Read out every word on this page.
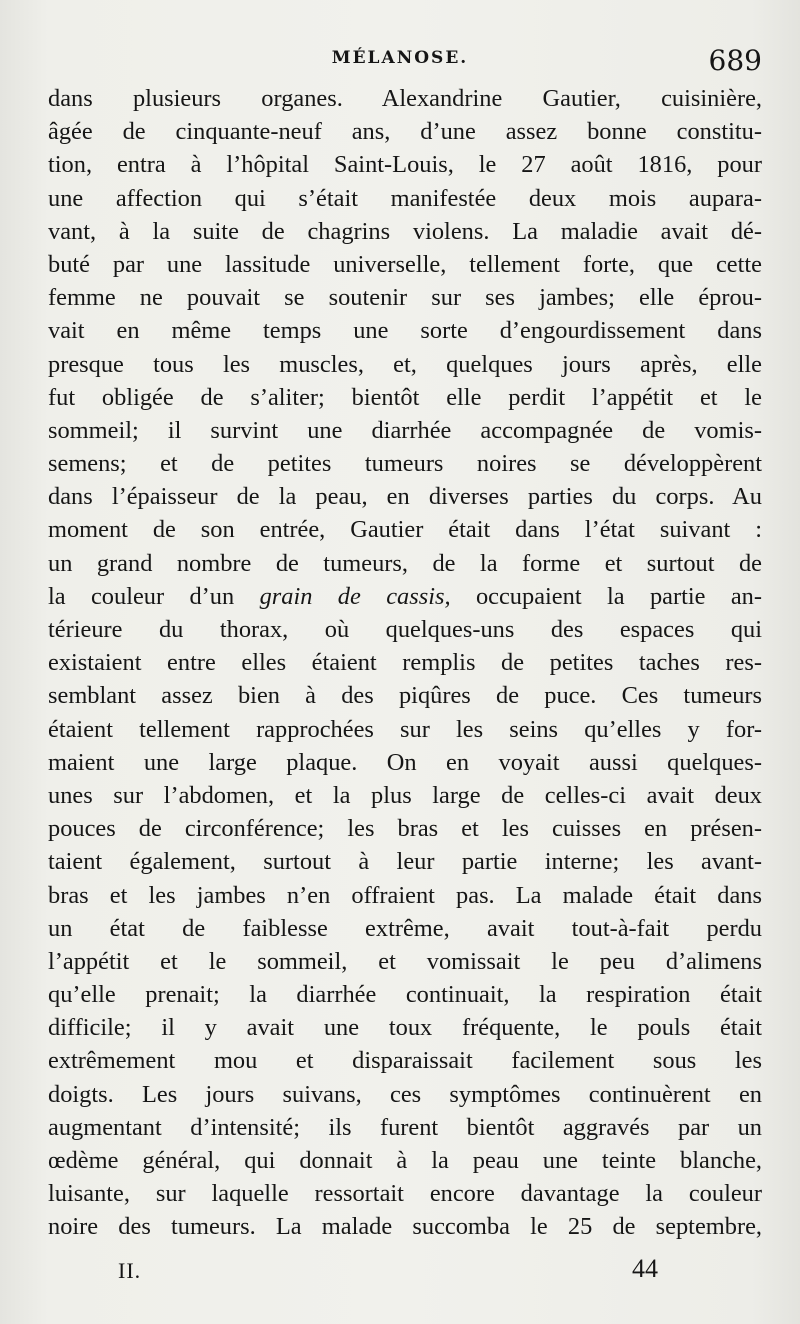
MÉLANOSE.	689
dans plusieurs organes. Alexandrine Gautier, cuisinière,
âgée de cinquante-neuf ans, d’une assez bonne constitu-
tion, entra à l’hôpital Saint-Louis, le 27 août 1816, pour
une affection qui s’était manifestée deux mois aupara-
vant, à la suite de chagrins violens. La maladie avait dé-
buté par une lassitude universelle, tellement forte, que cette
femme ne pouvait se soutenir sur ses jambes; elle éprou-
vait en même temps une sorte d’engourdissement dans
presque tous les muscles, et, quelques jours après, elle
fut obligée de s’aliter; bientôt elle perdit l’appétit et le
sommeil; il survint une diarrhée accompagnée de vomis-
semens; et de petites tumeurs noires se développèrent
dans l’épaisseur de la peau, en diverses parties du corps. Au
moment de son entrée, Gautier était dans l’état suivant :
un grand nombre de tumeurs, de la forme et surtout de
la couleur d’un grain de cassis, occupaient la partie an-
térieure du thorax, où quelques-uns des espaces qui
existaient entre elles étaient remplis de petites taches res-
semblant assez bien à des piqûres de puce. Ces tumeurs
étaient tellement rapprochées sur les seins qu’elles y for-
maient une large plaque. On en voyait aussi quelques-
unes sur l’abdomen, et la plus large de celles-ci avait deux
pouces de circonférence; les bras et les cuisses en présen-
taient également, surtout à leur partie interne; les avant-
bras et les jambes n’en offraient pas. La malade était dans
un état de faiblesse extrême, avait tout-à-fait perdu
l’appétit et le sommeil, et vomissait le peu d’alimens
qu’elle prenait; la diarrhée continuait, la respiration était
difficile; il y avait une toux fréquente, le pouls était
extrêmement mou et disparaissait facilement sous les
doigts. Les jours suivans, ces symptômes continuèrent en
augmentant d’intensité; ils furent bientôt aggravés par un
œdème général, qui donnait à la peau une teinte blanche,
luisante, sur laquelle ressortait encore davantage la couleur
noire des tumeurs. La malade succomba le 25 de septembre,
II.	44
